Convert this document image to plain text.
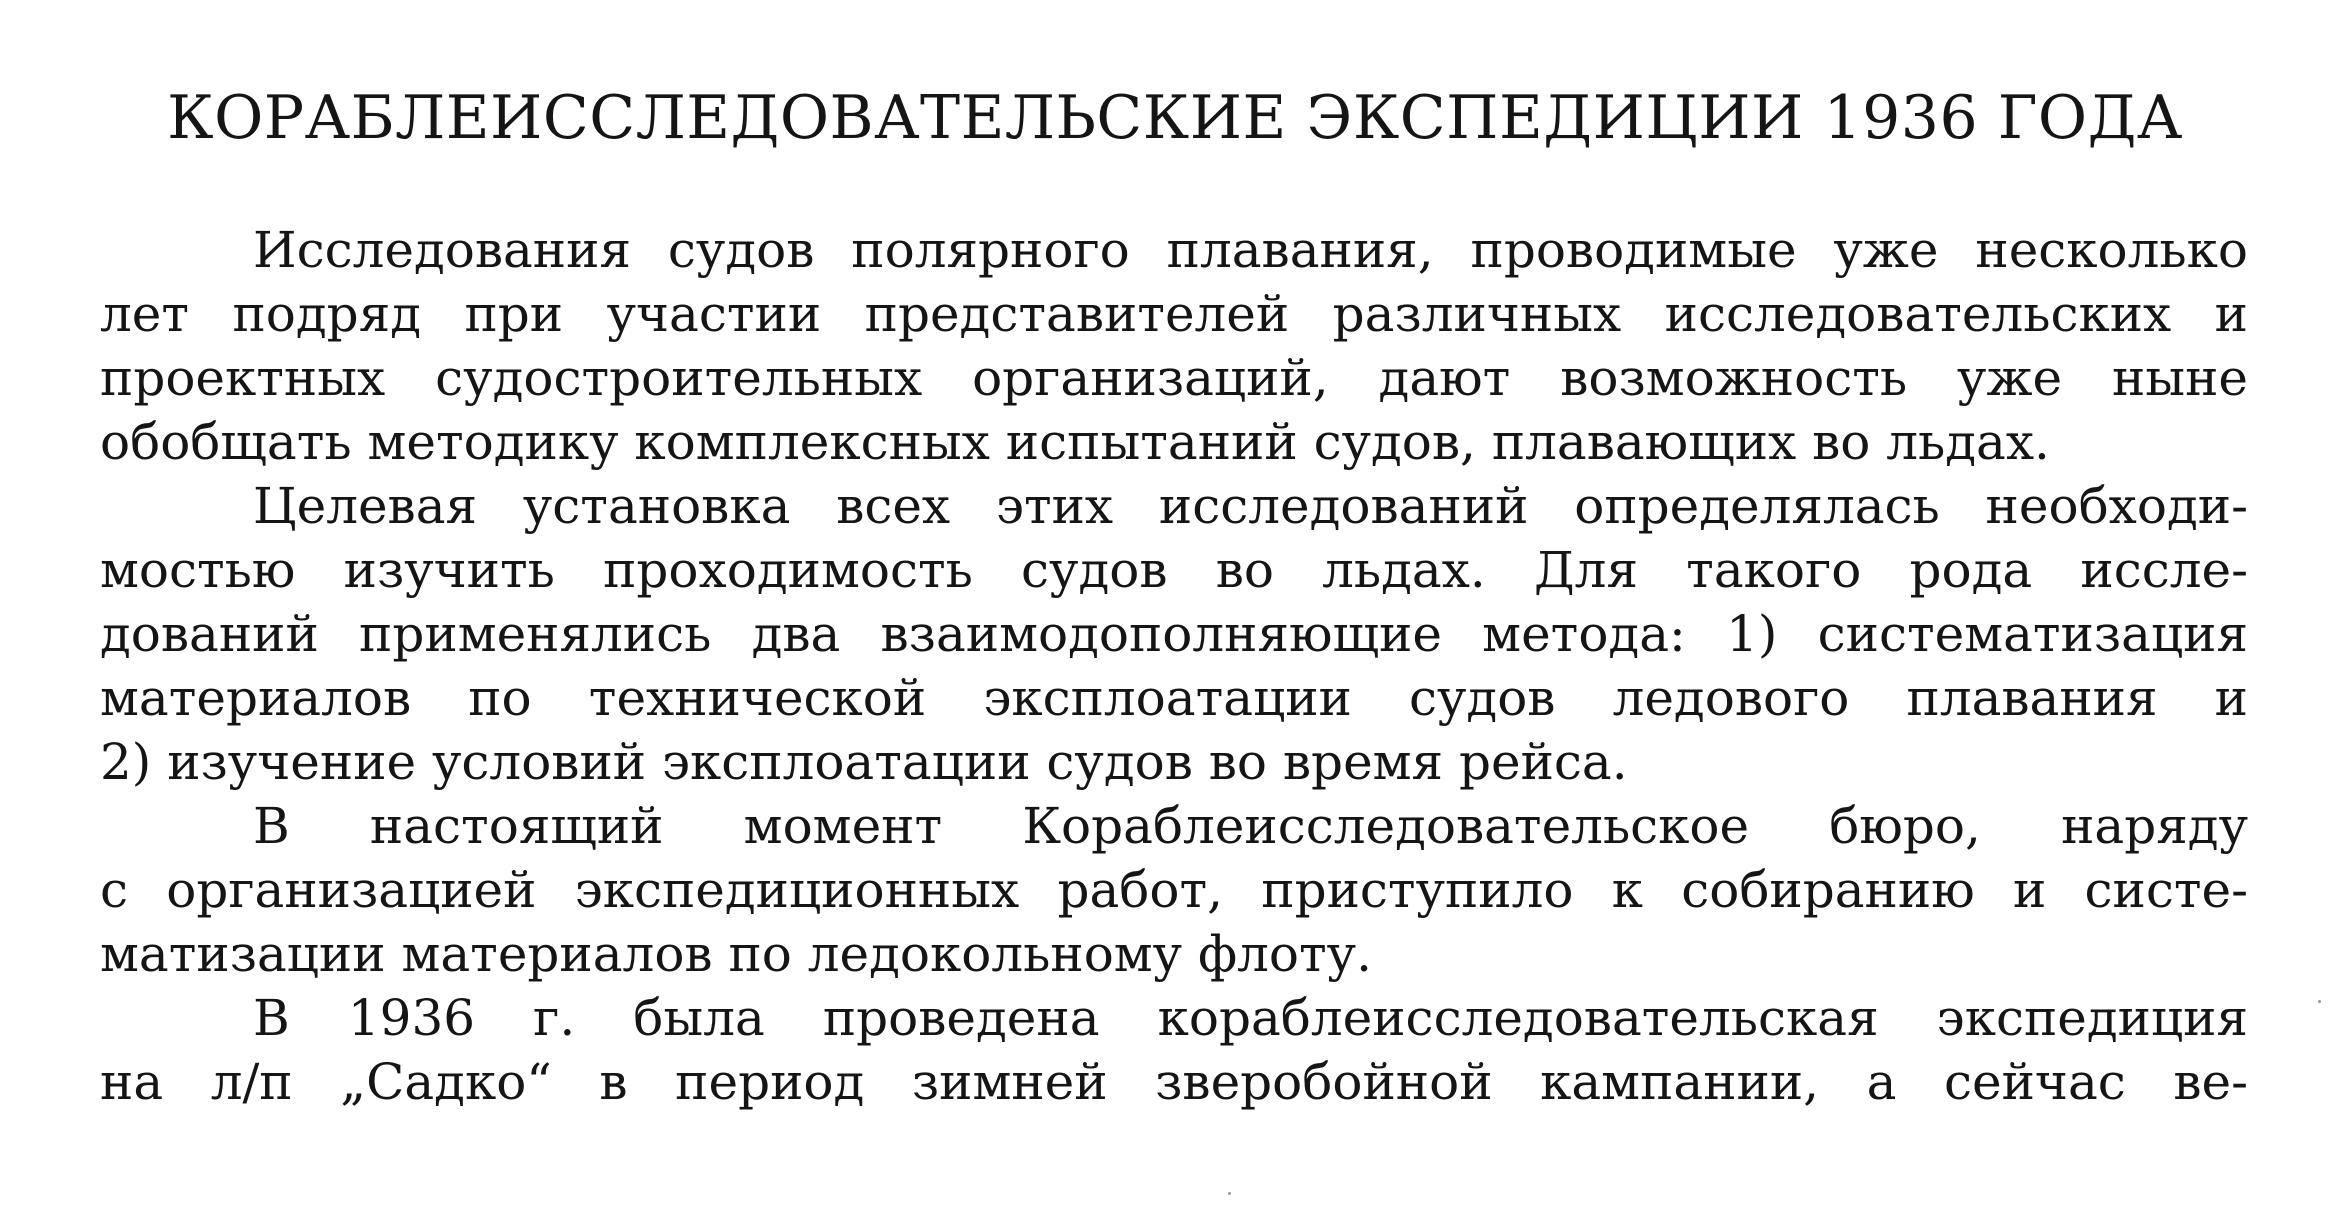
КОРАБЛЕИССЛЕДОВАТЕЛЬСКИЕ ЭКСПЕДИЦИИ 1936 ГОДА
Исследования судов полярного плавания, проводимые уже несколько
лет подряд при участии представителей различных исследовательских и
проектных судостроительных организаций, дают возможность уже ныне
обобщать методику комплексных испытаний судов, плавающих во льдах.
Целевая установка всех этих исследований определялась необходи-
мостью изучить проходимость судов во льдах. Для такого рода иссле-
дований применялись два взаимодополняющие метода: 1) систематизация
материалов по технической эксплоатации судов ледового плавания и
2) изучение условий эксплоатации судов во время рейса.
В настоящий момент Кораблеисследовательское бюро, наряду
с организацией экспедиционных работ, приступило к собиранию и систе-
матизации материалов по ледокольному флоту.
В 1936 г. была проведена кораблеисследовательская экспедиция
на л/п „Садко“ в период зимней зверобойной кампании, а сейчас ве-
